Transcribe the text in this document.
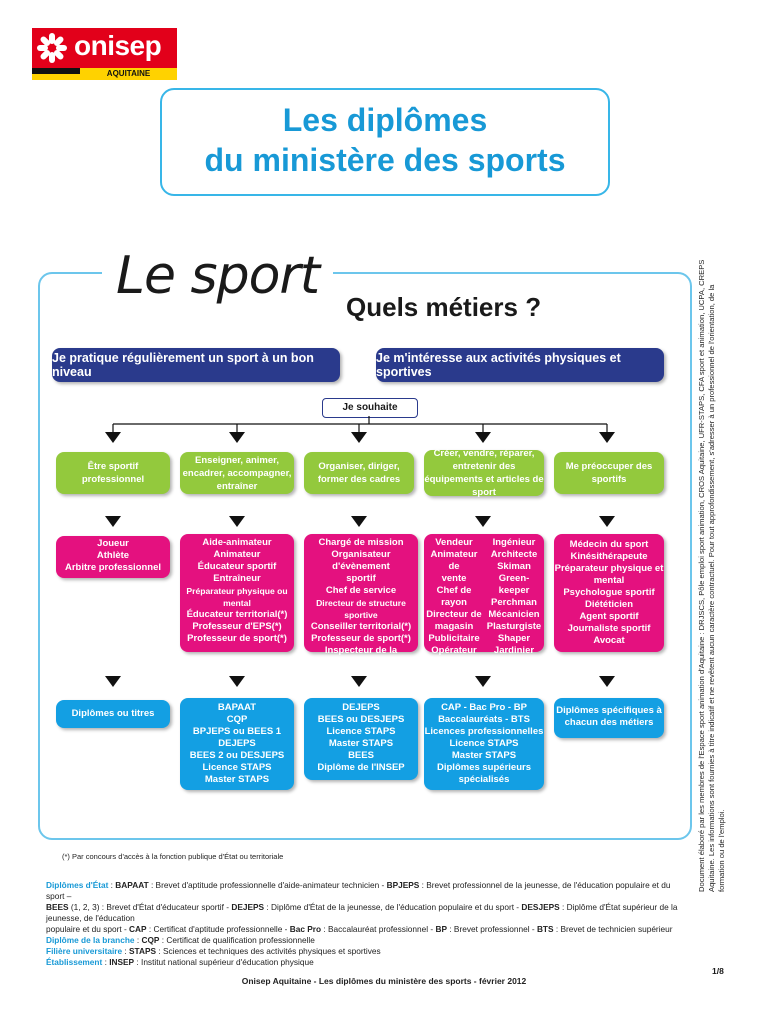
onisep
AQUITAINE
Les diplômes
du ministère des sports
Le sport
Quels métiers ?
Je pratique régulièrement un sport à un bon niveau
Je m'intéresse aux activités physiques et sportives
Je souhaite
Être sportif professionnel
Enseigner, animer, encadrer, accompagner, entraîner
Organiser, diriger, former des cadres
Créer, vendre, réparer, entretenir des équipements et articles de sport
Me préoccuper des sportifs
Joueur
Athlète
Arbitre professionnel
Aide-animateur
Animateur
Éducateur sportif
Entraîneur
Préparateur physique ou mental
Éducateur territorial(*)
Professeur d'EPS(*)
Professeur de sport(*)
Chargé de mission
Organisateur d'évènement
sportif
Chef de service
Directeur de structure sportive
Conseiller territorial(*)
Professeur de sport(*)
Inspecteur de la jeunesse
et des sports(*)
Vendeur
Animateur de
vente
Chef de rayon
Directeur de
magasin
Publicitaire
Opérateur
territorial(*)
Ingénieur
Architecte
Skiman
Green-keeper
Perchman
Mécanicien
Plasturgiste
Shaper
Jardinier
Médecin du sport
Kinésithérapeute
Préparateur physique et
mental
Psychologue sportif
Diététicien
Agent sportif
Journaliste sportif
Avocat
Diplômes ou titres fédéraux
BAPAAT
CQP
BPJEPS ou BEES 1
DEJEPS
BEES 2 ou DESJEPS
Licence STAPS
Master STAPS
DEJEPS
BEES ou DESJEPS
Licence STAPS
Master STAPS
BEES
Diplôme de l'INSEP
CAP - Bac Pro - BP
Baccalauréats - BTS
Licences professionnelles
Licence STAPS
Master STAPS
Diplômes supérieurs
spécialisés
Diplômes spécifiques à
chacun des métiers
(*) Par concours d'accès à la fonction publique d'État ou territoriale
Diplômes d'État : BAPAAT : Brevet d'aptitude professionnelle d'aide-animateur technicien - BPJEPS : Brevet professionnel de la jeunesse, de l'éducation populaire et du sport –
BEES (1, 2, 3) : Brevet d'État d'éducateur sportif - DEJEPS : Diplôme d'État de la jeunesse, de l'éducation populaire et du sport - DESJEPS : Diplôme d'État supérieur de la jeunesse, de l'éducation
populaire et du sport - CAP : Certificat d'aptitude professionnelle - Bac Pro : Baccalauréat professionnel - BP : Brevet professionnel - BTS : Brevet de technicien supérieur
Diplôme de la branche : CQP : Certificat de qualification professionnelle
Filière universitaire : STAPS : Sciences et techniques des activités physiques et sportives
Établissement : INSEP : Institut national supérieur d'éducation physique
Document élaboré par les membres de l'Espace sport animation d'Aquitaine : DRJSCS, Pôle emploi sport animation, CROS Aquitaine, UFR-STAPS, CFA sport et animation, UCPA, CREPS Aquitaine. Les informations sont fournies à titre indicatif et ne revêtent aucun caractère contractuel. Pour tout approfondissement, s'adresser à un professionnel de l'orientation, de la formation ou de l'emploi.
1/8
Onisep Aquitaine - Les diplômes du ministère des sports - février 2012
